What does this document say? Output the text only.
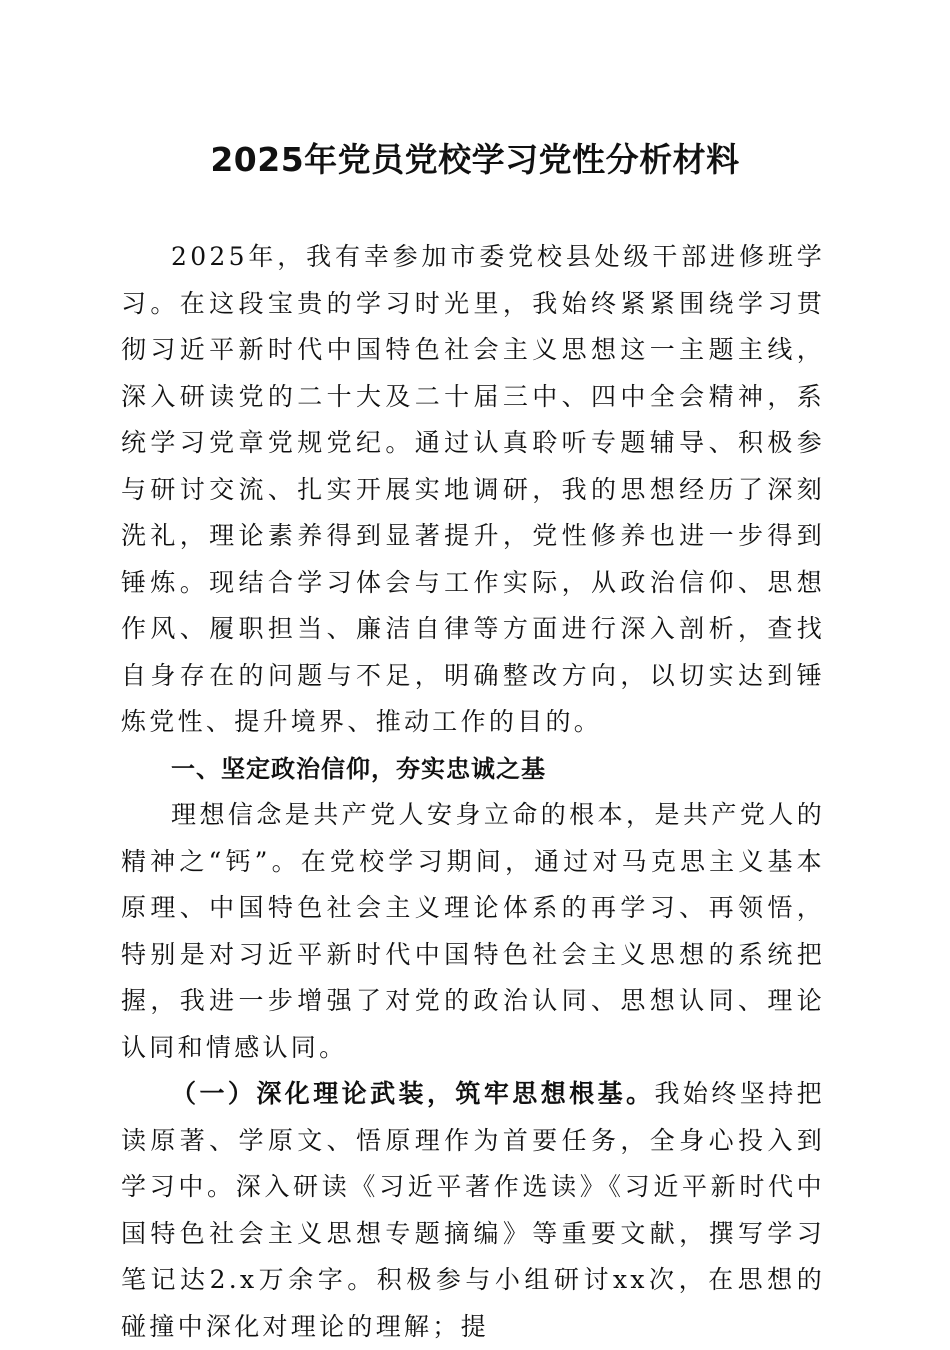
2025年党员党校学习党性分析材料

2025年，我有幸参加市委党校县处级干部进修班学习。在这段宝贵的学习时光里，我始终紧紧围绕学习贯彻习近平新时代中国特色社会主义思想这一主题主线，深入研读党的二十大及二十届三中、四中全会精神，系统学习党章党规党纪。通过认真聆听专题辅导、积极参与研讨交流、扎实开展实地调研，我的思想经历了深刻洗礼，理论素养得到显著提升，党性修养也进一步得到锤炼。现结合学习体会与工作实际，从政治信仰、思想作风、履职担当、廉洁自律等方面进行深入剖析，查找自身存在的问题与不足，明确整改方向，以切实达到锤炼党性、提升境界、推动工作的目的。

一、坚定政治信仰，夯实忠诚之基

理想信念是共产党人安身立命的根本，是共产党人的精神之“钙”。在党校学习期间，通过对马克思主义基本原理、中国特色社会主义理论体系的再学习、再领悟，特别是对习近平新时代中国特色社会主义思想的系统把握，我进一步增强了对党的政治认同、思想认同、理论认同和情感认同。

（一）深化理论武装，筑牢思想根基。我始终坚持把读原著、学原文、悟原理作为首要任务，全身心投入到学习中。深入研读《习近平著作选读》《习近平新时代中国特色社会主义思想专题摘编》等重要文献，撰写学习笔记达2.x万余字。积极参与小组研讨xx次，在思想的碰撞中深化对理论的理解；提
